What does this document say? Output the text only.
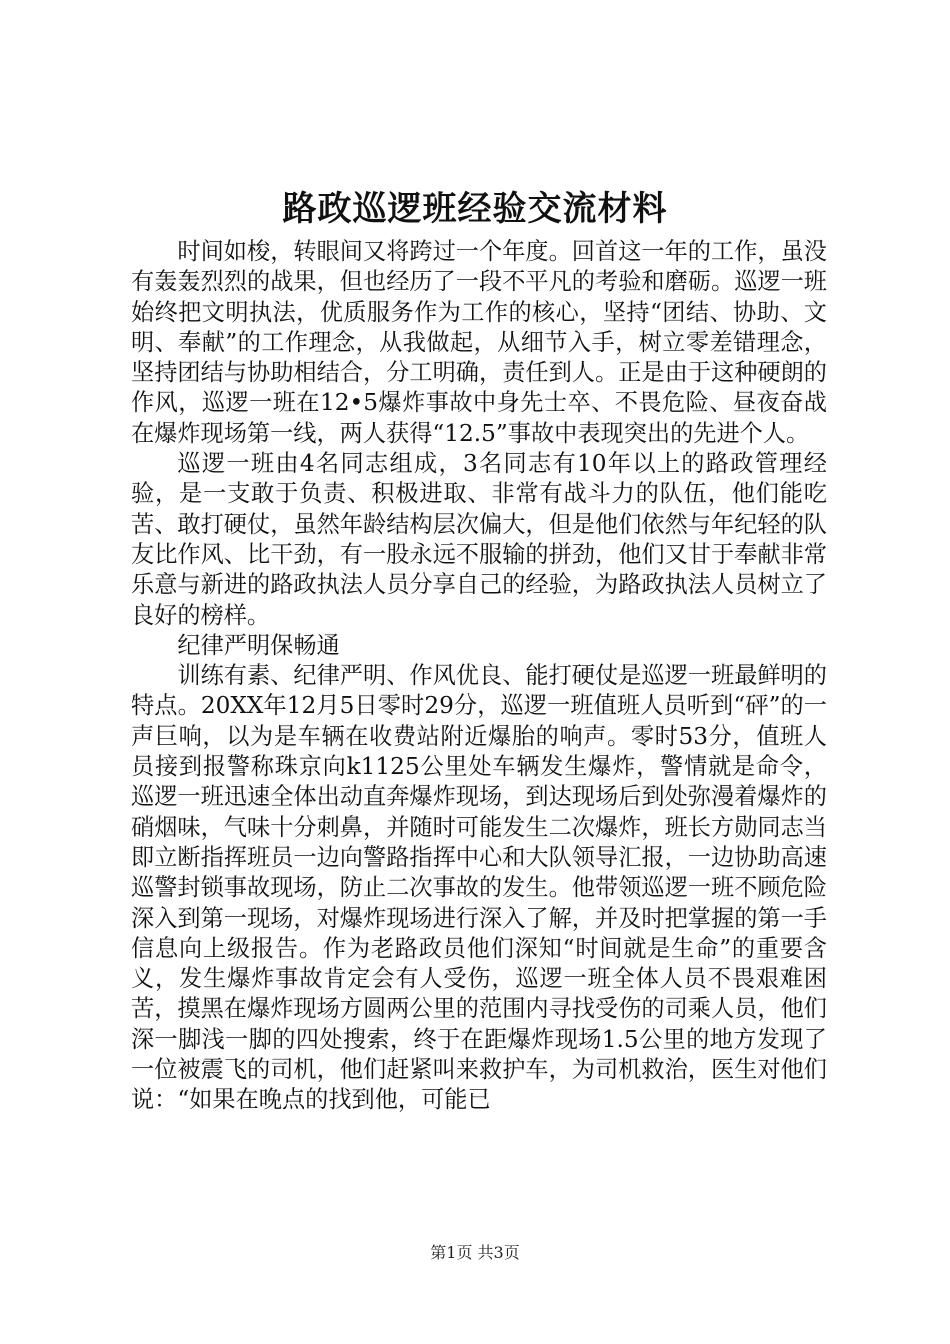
路政巡逻班经验交流材料

时间如梭，转眼间又将跨过一个年度。回首这一年的工作，虽没有轰轰烈烈的战果，但也经历了一段不平凡的考验和磨砺。巡逻一班始终把文明执法，优质服务作为工作的核心，坚持“团结、协助、文明、奉献”的工作理念，从我做起，从细节入手，树立零差错理念，坚持团结与协助相结合，分工明确，责任到人。正是由于这种硬朗的作风，巡逻一班在12•5爆炸事故中身先士卒、不畏危险、昼夜奋战在爆炸现场第一线，两人获得“12.5”事故中表现突出的先进个人。

巡逻一班由4名同志组成，3名同志有10年以上的路政管理经验，是一支敢于负责、积极进取、非常有战斗力的队伍，他们能吃苦、敢打硬仗，虽然年龄结构层次偏大，但是他们依然与年纪轻的队友比作风、比干劲，有一股永远不服输的拼劲，他们又甘于奉献非常乐意与新进的路政执法人员分享自己的经验，为路政执法人员树立了良好的榜样。

纪律严明保畅通

训练有素、纪律严明、作风优良、能打硬仗是巡逻一班最鲜明的特点。20XX年12月5日零时29分，巡逻一班值班人员听到“砰”的一声巨响，以为是车辆在收费站附近爆胎的响声。零时53分，值班人员接到报警称珠京向k1125公里处车辆发生爆炸，警情就是命令，巡逻一班迅速全体出动直奔爆炸现场，到达现场后到处弥漫着爆炸的硝烟味，气味十分刺鼻，并随时可能发生二次爆炸，班长方勋同志当即立断指挥班员一边向警路指挥中心和大队领导汇报，一边协助高速巡警封锁事故现场，防止二次事故的发生。他带领巡逻一班不顾危险深入到第一现场，对爆炸现场进行深入了解，并及时把掌握的第一手信息向上级报告。作为老路政员他们深知“时间就是生命”的重要含义，发生爆炸事故肯定会有人受伤，巡逻一班全体人员不畏艰难困苦，摸黑在爆炸现场方圆两公里的范围内寻找受伤的司乘人员，他们深一脚浅一脚的四处搜索，终于在距爆炸现场1.5公里的地方发现了一位被震飞的司机，他们赶紧叫来救护车，为司机救治，医生对他们说：“如果在晚点的找到他，可能已

第1页 共3页
